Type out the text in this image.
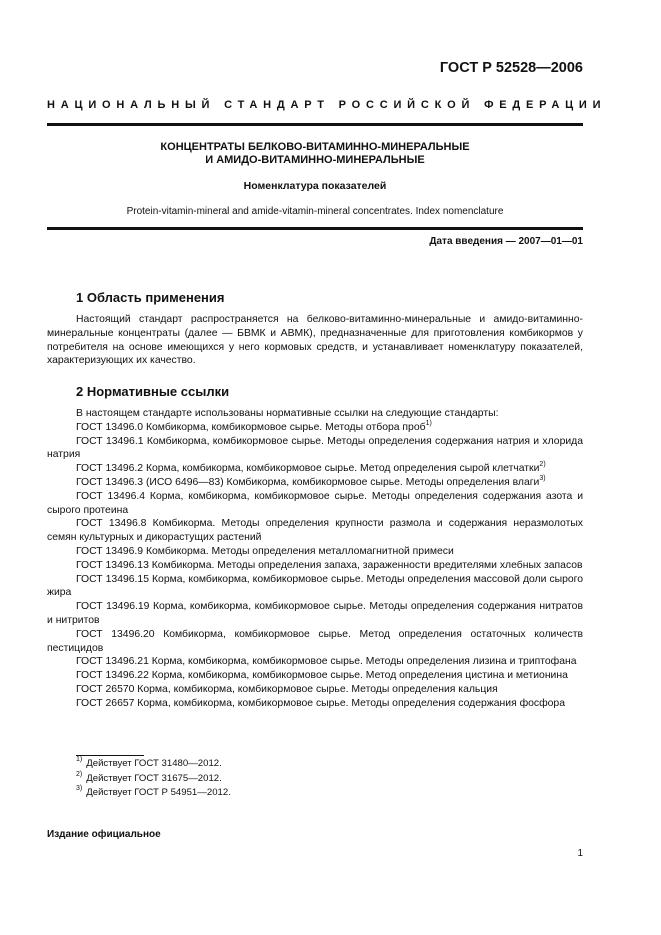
ГОСТ Р 52528—2006
НАЦИОНАЛЬНЫЙ СТАНДАРТ РОССИЙСКОЙ ФЕДЕРАЦИИ
КОНЦЕНТРАТЫ БЕЛКОВО-ВИТАМИННО-МИНЕРАЛЬНЫЕ
И АМИДО-ВИТАМИННО-МИНЕРАЛЬНЫЕ
Номенклатура показателей
Protein-vitamin-mineral and amide-vitamin-mineral concentrates. Index nomenclature
Дата введения — 2007—01—01
1 Область применения

Настоящий стандарт распространяется на белково-витаминно-минеральные и амидо-витаминно-минеральные концентраты (далее — БВМК и АВМК), предназначенные для приготовления комбикормов у потребителя на основе имеющихся у него кормовых средств, и устанавливает номенклатуру показателей, характеризующих их качество.

2 Нормативные ссылки
В настоящем стандарте использованы нормативные ссылки на следующие стандарты:
ГОСТ 13496.0 Комбикорма, комбикормовое сырье. Методы отбора проб$^{1)}$
ГОСТ 13496.1 Комбикорма, комбикормовое сырье. Методы определения содержания натрия и хлорида натрия
ГОСТ 13496.2 Корма, комбикорма, комбикормовое сырье. Метод определения сырой клетчатки$^{2)}$
ГОСТ 13496.3 (ИСО 6496—83) Комбикорма, комбикормовое сырье. Методы определения влаги$^{3)}$
ГОСТ 13496.4 Корма, комбикорма, комбикормовое сырье. Методы определения содержания азота и сырого протеина
ГОСТ 13496.8 Комбикорма. Методы определения крупности размола и содержания неразмолотых семян культурных и дикорастущих растений
ГОСТ 13496.9 Комбикорма. Методы определения металломагнитной примеси
ГОСТ 13496.13 Комбикорма. Методы определения запаха, зараженности вредителями хлебных запасов
ГОСТ 13496.15 Корма, комбикорма, комбикормовое сырье. Методы определения массовой доли сырого жира
ГОСТ 13496.19 Корма, комбикорма, комбикормовое сырье. Методы определения содержания нитратов и нитритов
ГОСТ 13496.20 Комбикорма, комбикормовое сырье. Метод определения остаточных количеств пестицидов
ГОСТ 13496.21 Корма, комбикорма, комбикормовое сырье. Методы определения лизина и триптофана
ГОСТ 13496.22 Корма, комбикорма, комбикормовое сырье. Метод определения цистина и метионина
ГОСТ 26570 Корма, комбикорма, комбикормовое сырье. Методы определения кальция
ГОСТ 26657 Корма, комбикорма, комбикормовое сырье. Методы определения содержания фосфора
$^{1)}$ Действует ГОСТ 31480—2012.
$^{2)}$ Действует ГОСТ 31675—2012.
$^{3)}$ Действует ГОСТ Р 54951—2012.
Издание официальное
1
